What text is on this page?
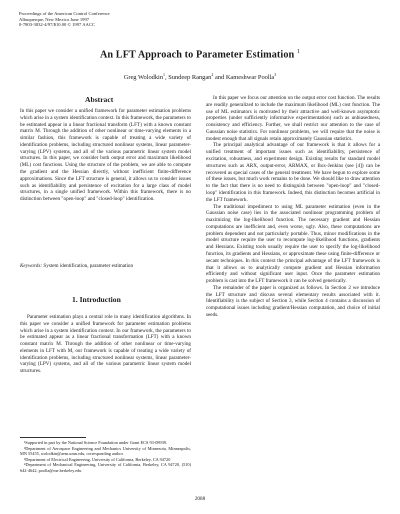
Proceedings of the American Control Conference
Albuquerque, New Mexico June 1997
0-7803-3832-4/97/$10.00 © 1997 AACC
An LFT Approach to Parameter Estimation $^1$
Greg Wolodkin$^1$, Sundeep Rangan$^2$ and Kameshwar Poolla$^3$
Abstract

In this paper we consider a unified framework for parameter estimation problems which arise in a system identification context. In this framework, the parameters to be estimated appear in a linear fractional transform (LFT) with a known constant matrix M. Through the addition of other nonlinear or time-varying elements in a similar fashion, this framework is capable of treating a wide variety of identification problems, including structured nonlinear systems, linear parameter-varying (LPV) systems, and all of the various parametric linear system model structures. In this paper, we consider both output error and maximum likelihood (ML) cost functions. Using the structure of the problem, we are able to compute the gradient and the Hessian directly, without inefficient finite-difference approximations. Since the LFT structure is general, it allows us to consider issues such as identifiability and persistence of excitation for a large class of model structures, in a single unified framework. Within this framework, there is no distinction between "open-loop" and "closed-loop" identification.

Keywords: System identification, parameter estimation
1. Introduction

Parameter estimation plays a central role in many identification algorithms. In this paper we consider a unified framework for parameter estimation problems which arise in a system identification context. In our framework, the parameters to be estimated appear as a linear fractional transformation (LFT) with a known constant matrix M. Through the addition of other nonlinear or time-varying elements in LFT with M, our framework is capable of treating a wide variety of identification problems, including structured nonlinear systems, linear parameter-varying (LPV) systems, and all of the various parametric linear system model structures.

¹Supported in part by the National Science Foundation under Grant ECS 93-08939.

²Department of Aerospace Engineering and Mechanics University of Minnesota, Minneapolis, MN 55455, wolodkin@aem.umn.edu, corresponding author

³Department of Electrical Engineering, University of California, Berkeley, CA 94720

⁴Department of Mechanical Engineering, University of California, Berkeley, CA 94720, (510) 642-4642, poolla@me.berkeley.edu

In this paper we focus our attention on the output error cost function. The results are readily generalized to include the maximum likelihood (ML) cost function. The use of ML estimators is motivated by their attractive and well-known asymptotic properties (under sufficiently informative experimentation) such as unbiasedness, consistency and efficiency. Further, we shall restrict our attention to the case of Gaussian noise statistics. For nonlinear problems, we will require that the noise is modest enough that all signals retain approximately Gaussian statistics.

The principal analytical advantage of our framework is that it allows for a unified treatment of important issues such as identifiability, persistence of excitation, robustness, and experiment design. Existing results for standard model structures such as ARX, output-error, ARMAX, or Box-Jenkins (see [4]) can be recovered as special cases of the general treatment. We have begun to explore some of these issues, but much work remains to be done. We should like to draw attention to the fact that there is no need to distinguish between "open-loop" and "closed-loop" identification in this framework. Indeed, this distinction becomes artificial in the LFT framework.

The traditional impediment to using ML parameter estimation (even in the Gaussian noise case) lies in the associated nonlinear programming problem of maximizing the log-likelihood function. The necessary gradient and Hessian computations are inefficient and, even worse, ugly. Also, these computations are problem dependent and not particularly portable. Thus, minor modifications in the model structure require the user to recompute log-likelihood functions, gradients and Hessians. Existing tools usually require the user to specify the log-likelihood function, its gradients and Hessians, or approximate these using finite-difference or secant techniques. In this context the principal advantage of the LFT framework is that it allows us to analytically compute gradient and Hessian information efficiently and without significant user input. Once the parameter estimation problem is cast into the LFT framework it can be solved generically.

The remainder of the paper is organized as follows. In Section 2 we introduce the LFT structure and discuss several elementary results associated with it. Identifiability is the subject of Section 3, while Section 4 contains a discussion of computational issues including gradient/Hessian computation, and choice of initial seeds.

2088
